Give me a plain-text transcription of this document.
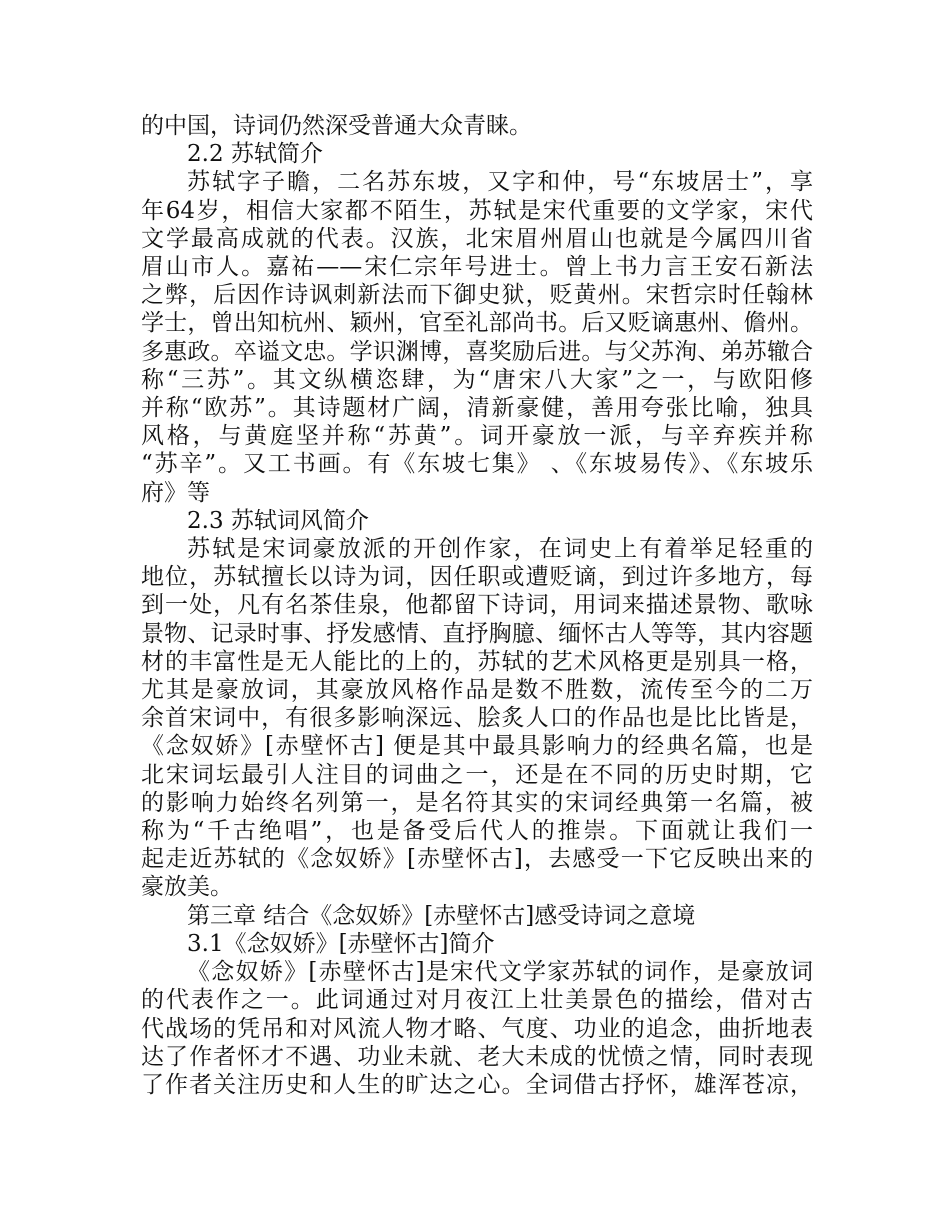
的中国，诗词仍然深受普通大众青睐。
2.2 苏轼简介
苏轼字子瞻，二名苏东坡，又字和仲，号“东坡居士”，享
年64岁，相信大家都不陌生，苏轼是宋代重要的文学家，宋代
文学最高成就的代表。汉族，北宋眉州眉山也就是今属四川省
眉山市人。嘉祐——宋仁宗年号进士。曾上书力言王安石新法
之弊，后因作诗讽刺新法而下御史狱，贬黄州。宋哲宗时任翰林
学士，曾出知杭州、颖州，官至礼部尚书。后又贬谪惠州、儋州。
多惠政。卒谥文忠。学识渊博，喜奖励后进。与父苏洵、弟苏辙合
称“三苏”。其文纵横恣肆，为“唐宋八大家”之一，与欧阳修
并称“欧苏”。其诗题材广阔，清新豪健，善用夸张比喻，独具
风格，与黄庭坚并称“苏黄”。词开豪放一派，与辛弃疾并称
“苏辛”。又工书画。有《东坡七集》 、《东坡易传》、《东坡乐
府》等
2.3 苏轼词风简介
苏轼是宋词豪放派的开创作家，在词史上有着举足轻重的
地位，苏轼擅长以诗为词，因任职或遭贬谪，到过许多地方，每
到一处，凡有名茶佳泉，他都留下诗词，用词来描述景物、歌咏
景物、记录时事、抒发感情、直抒胸臆、缅怀古人等等，其内容题
材的丰富性是无人能比的上的，苏轼的艺术风格更是别具一格，
尤其是豪放词，其豪放风格作品是数不胜数，流传至今的二万
余首宋词中，有很多影响深远、脍炙人口的作品也是比比皆是，
《念奴娇》[赤壁怀古] 便是其中最具影响力的经典名篇，也是
北宋词坛最引人注目的词曲之一，还是在不同的历史时期，它
的影响力始终名列第一，是名符其实的宋词经典第一名篇，被
称为“千古绝唱”，也是备受后代人的推崇。下面就让我们一
起走近苏轼的《念奴娇》[赤壁怀古]，去感受一下它反映出来的
豪放美。
第三章 结合《念奴娇》[赤壁怀古]感受诗词之意境
3.1《念奴娇》[赤壁怀古]简介
《念奴娇》[赤壁怀古]是宋代文学家苏轼的词作，是豪放词
的代表作之一。此词通过对月夜江上壮美景色的描绘，借对古
代战场的凭吊和对风流人物才略、气度、功业的追念，曲折地表
达了作者怀才不遇、功业未就、老大未成的忧愤之情，同时表现
了作者关注历史和人生的旷达之心。全词借古抒怀，雄浑苍凉，
